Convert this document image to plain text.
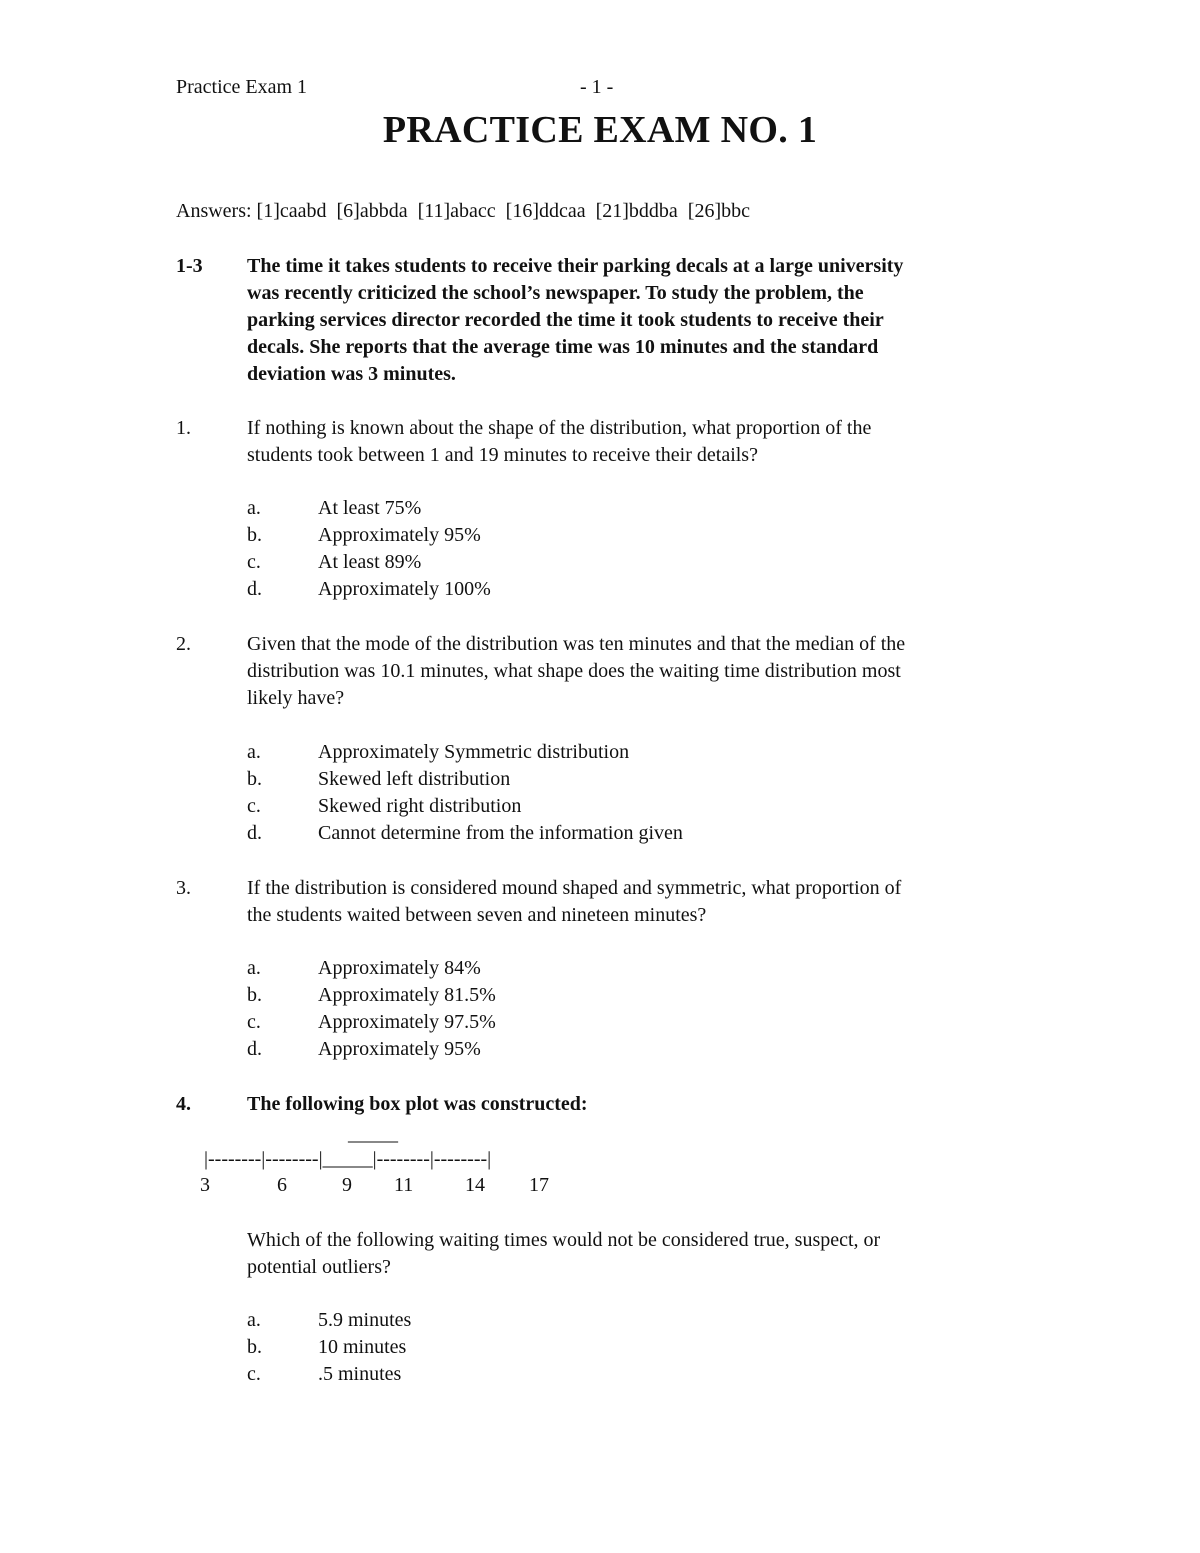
Practice Exam 1	- 1 -
PRACTICE EXAM NO. 1
Answers: [1]caabd  [6]abbda  [11]abacc  [16]ddcaa  [21]bddba  [26]bbc
1-3 The time it takes students to receive their parking decals at a large university
was recently criticized the school’s newspaper. To study the problem, the
parking services director recorded the time it took students to receive their
decals. She reports that the average time was 10 minutes and the standard
deviation was 3 minutes.
1.	If nothing is known about the shape of the distribution, what proportion of the
students took between 1 and 19 minutes to receive their details?
a.	At least 75%
b.	Approximately 95%
c.	At least 89%
d.	Approximately 100%
2.	Given that the mode of the distribution was ten minutes and that the median of the
distribution was 10.1 minutes, what shape does the waiting time distribution most
likely have?
a.	Approximately Symmetric distribution
b.	Skewed left distribution
c.	Skewed right distribution
d.	Cannot determine from the information given
3.	If the distribution is considered mound shaped and symmetric, what proportion of
the students waited between seven and nineteen minutes?
a.	Approximately 84%
b.	Approximately 81.5%
c.	Approximately 97.5%
d.	Approximately 95%
4.	The following box plot was constructed:
_____
|--------|--------|_____|--------|--------|
3	6	9 11	14 17
Which of the following waiting times would not be considered true, suspect, or
potential outliers?
a.	5.9 minutes
b.	10 minutes
c.	.5 minutes
